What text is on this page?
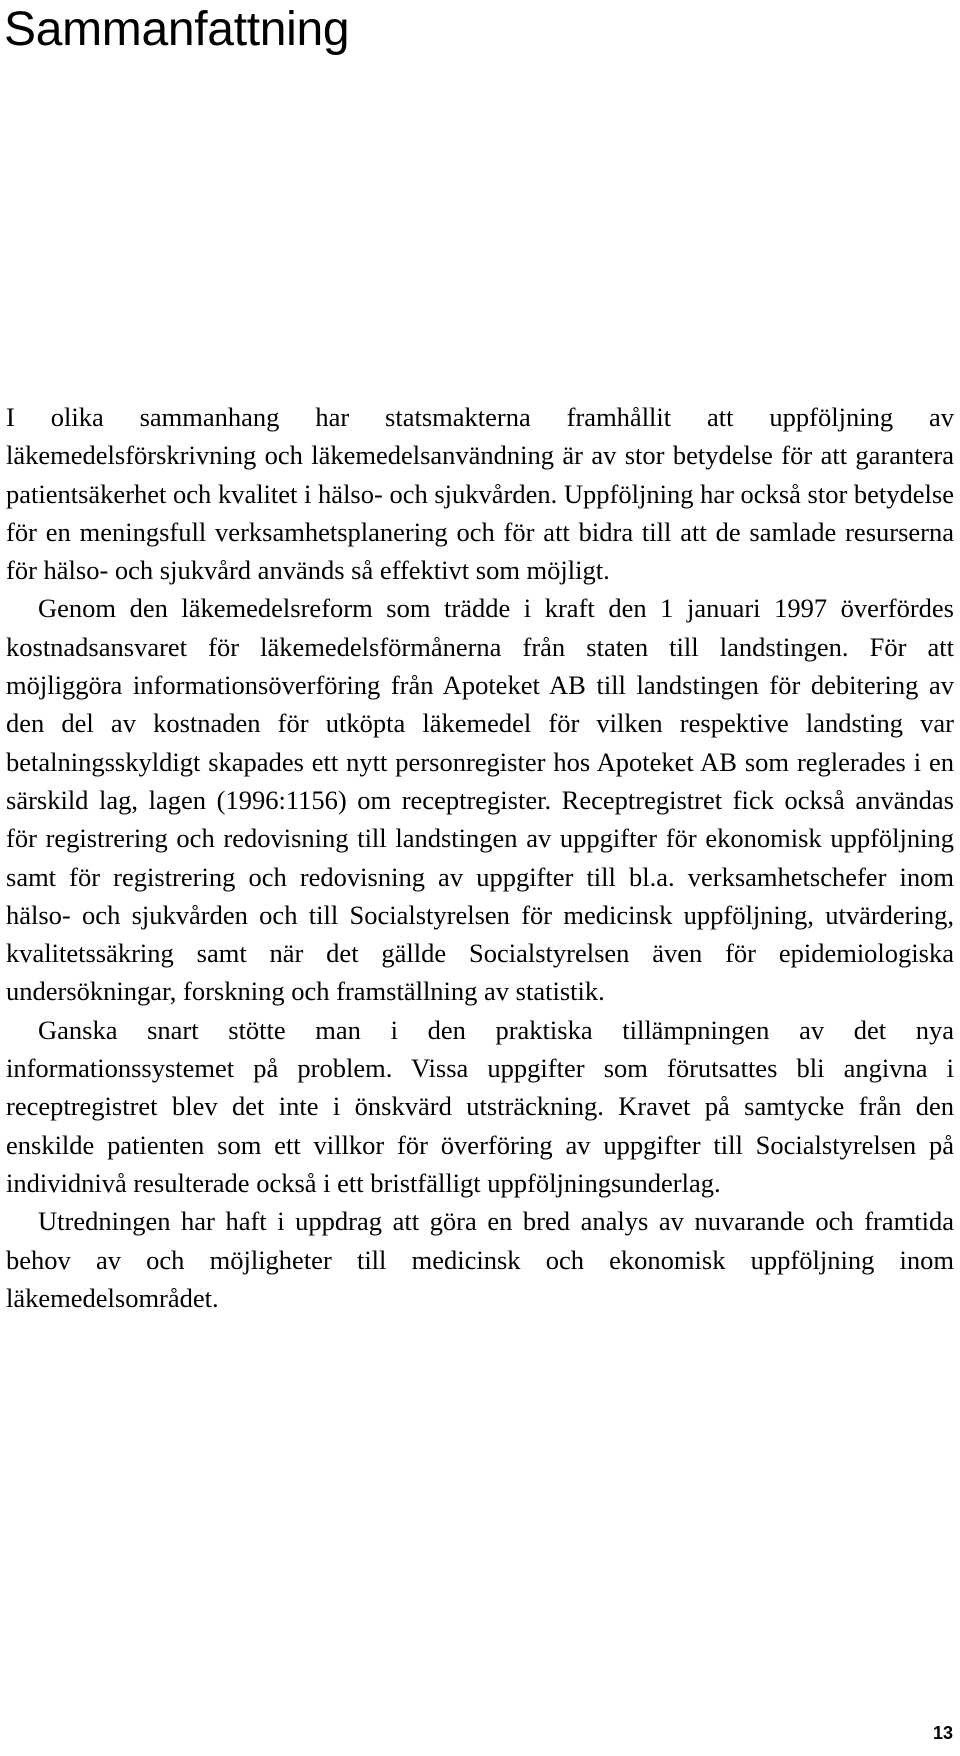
Sammanfattning

I olika sammanhang har statsmakterna framhållit att uppföljning av läkemedelsförskrivning och läkemedelsanvändning är av stor betydelse för att garantera patientsäkerhet och kvalitet i hälso- och sjukvården. Uppföljning har också stor betydelse för en meningsfull verksamhetsplanering och för att bidra till att de samlade resurserna för hälso- och sjukvård används så effektivt som möjligt.

Genom den läkemedelsreform som trädde i kraft den 1 januari 1997 överfördes kostnadsansvaret för läkemedelsförmånerna från staten till landstingen. För att möjliggöra informationsöverföring från Apoteket AB till landstingen för debitering av den del av kostnaden för utköpta läkemedel för vilken respektive landsting var betalningsskyldigt skapades ett nytt personregister hos Apoteket AB som reglerades i en särskild lag, lagen (1996:1156) om receptregister. Receptregistret fick också användas för registrering och redovisning till landstingen av uppgifter för ekonomisk uppföljning samt för registrering och redovisning av uppgifter till bl.a. verksamhetschefer inom hälso- och sjukvården och till Socialstyrelsen för medicinsk uppföljning, utvärdering, kvalitetssäkring samt när det gällde Socialstyrelsen även för epidemiologiska undersökningar, forskning och framställning av statistik.

Ganska snart stötte man i den praktiska tillämpningen av det nya informationssystemet på problem. Vissa uppgifter som förutsattes bli angivna i receptregistret blev det inte i önskvärd utsträckning. Kravet på samtycke från den enskilde patienten som ett villkor för överföring av uppgifter till Socialstyrelsen på individnivå resulterade också i ett bristfälligt uppföljningsunderlag.

Utredningen har haft i uppdrag att göra en bred analys av nuvarande och framtida behov av och möjligheter till medicinsk och ekonomisk uppföljning inom läkemedelsområdet.

13
